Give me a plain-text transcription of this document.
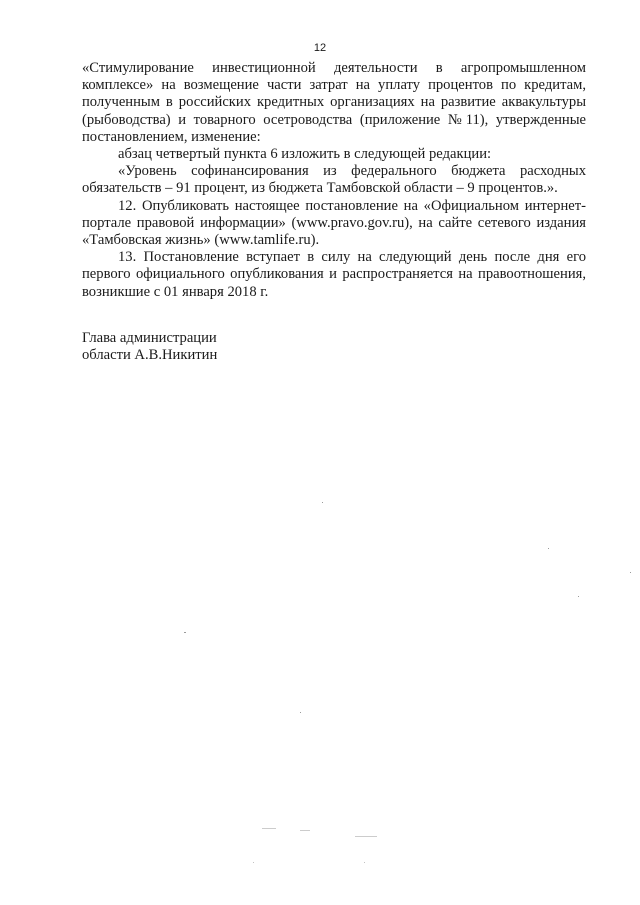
12

«Стимулирование инвестиционной деятельности в агропромышленном комплексе» на возмещение части затрат на уплату процентов по кредитам, полученным в российских кредитных организациях на развитие аквакультуры (рыбоводства) и товарного осетроводства (приложение №11), утвержденные постановлением, изменение:

абзац четвертый пункта 6 изложить в следующей редакции:

«Уровень софинансирования из федерального бюджета расходных обязательств – 91 процент, из бюджета Тамбовской области – 9 процентов.».

12. Опубликовать настоящее постановление на «Официальном интернет-портале правовой информации» (www.pravo.gov.ru), на сайте сетевого издания «Тамбовская жизнь» (www.tamlife.ru).

13. Постановление вступает в силу на следующий день после дня его первого официального опубликования и распространяется на правоотношения, возникшие с 01 января 2018 г.

Глава администрации
области А.В.Никитин
